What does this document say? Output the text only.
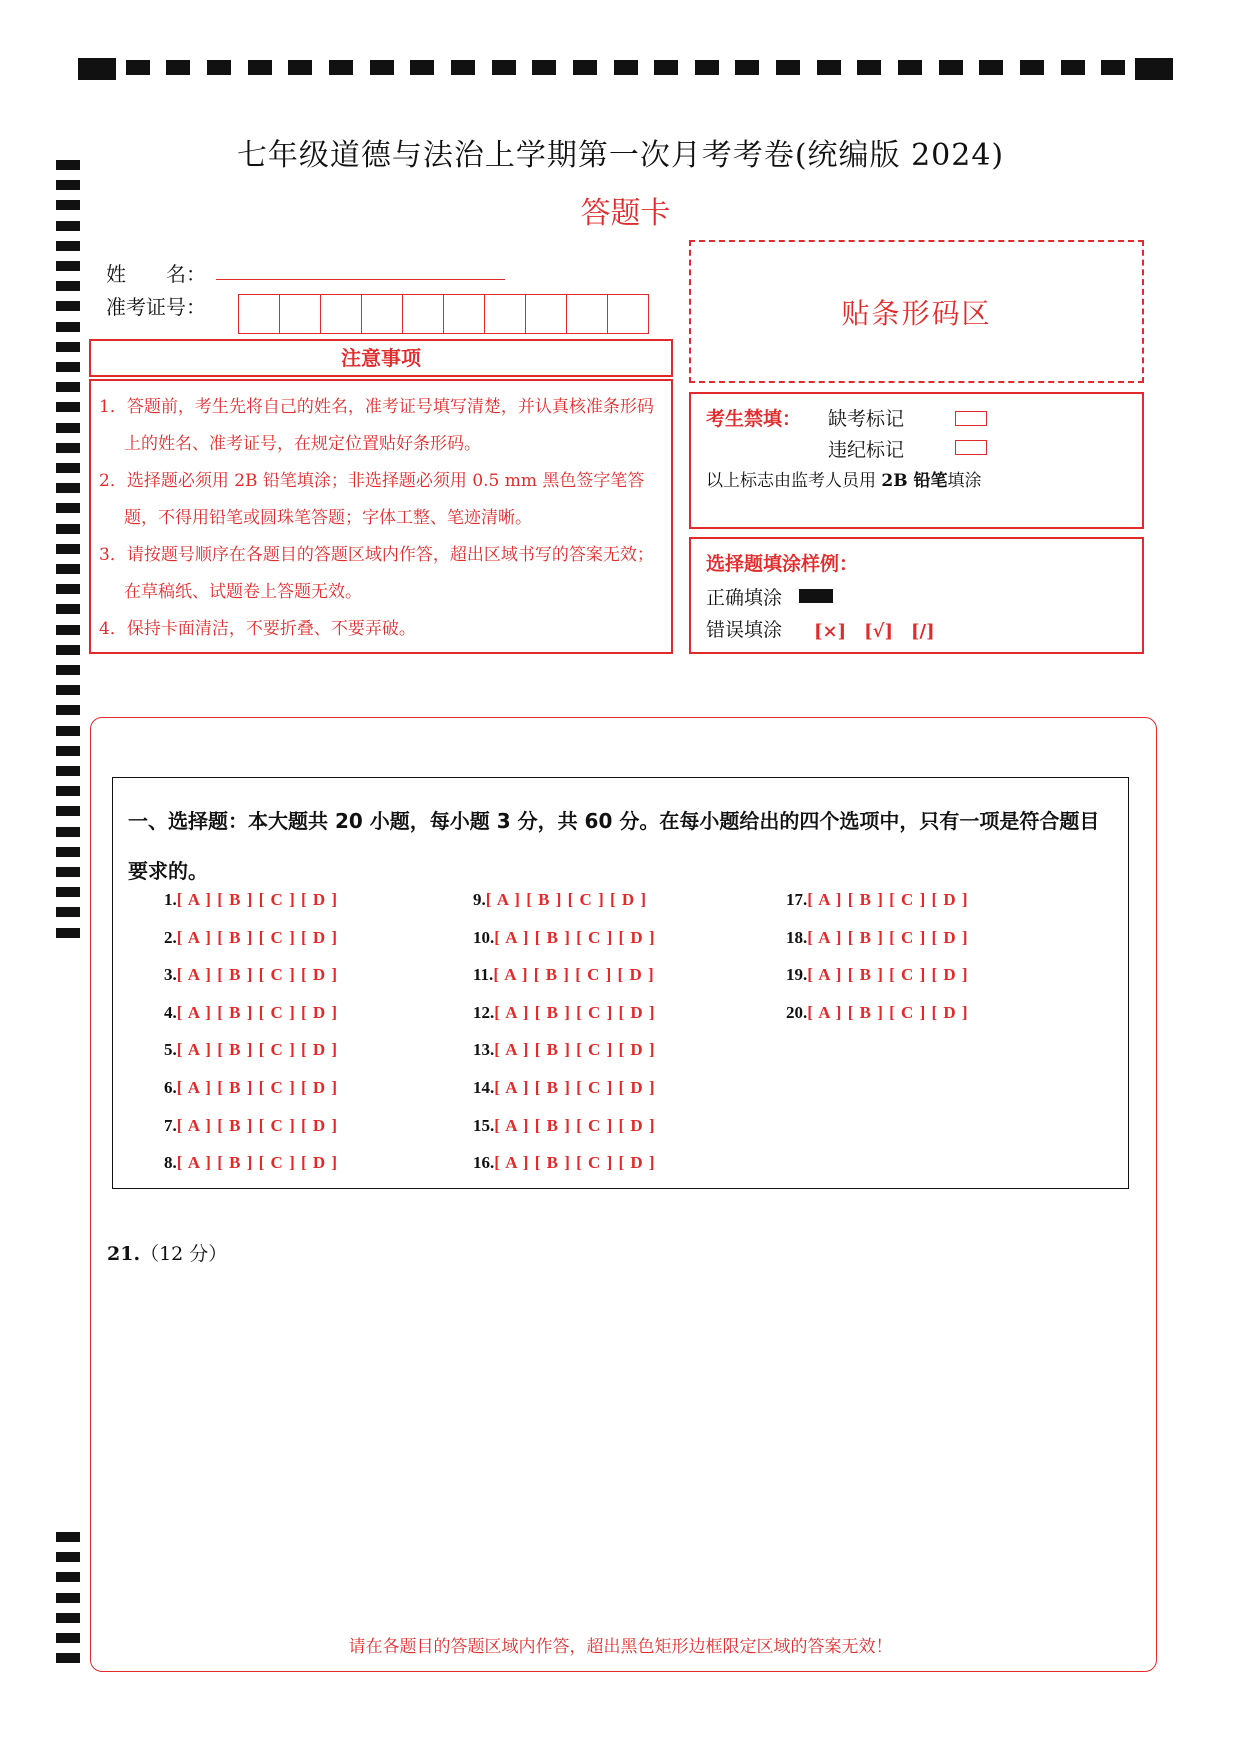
七年级道德与法治上学期第一次月考考卷(统编版 2024)
答题卡
姓　　名：
准考证号：	贴条形码区
注意事项

1．答题前，考生先将自己的姓名，准考证号填写清楚，并认真核准条形码上的姓名、准考证号，在规定位置贴好条形码。

2．选择题必须用 2B 铅笔填涂；非选择题必须用 0.5 mm 黑色签字笔答题，不得用铅笔或圆珠笔答题；字体工整、笔迹清晰。

3．请按题号顺序在各题目的答题区域内作答，超出区域书写的答案无效；在草稿纸、试题卷上答题无效。

4．保持卡面清洁，不要折叠、不要弄破。

考生禁填： 缺考标记
违纪标记
以上标志由监考人员用 2B 铅笔填涂
选择题填涂样例：
正确填涂
错误填涂 [×]　[√]　[/]
一、选择题：本大题共 20 小题，每小题 3 分，共 60 分。在每小题给出的四个选项中，只有一项是符合题目要求的。
1.[ A ] [ B ] [ C ] [ D ]
2.[ A ] [ B ] [ C ] [ D ]
3.[ A ] [ B ] [ C ] [ D ]
4.[ A ] [ B ] [ C ] [ D ]
5.[ A ] [ B ] [ C ] [ D ]
6.[ A ] [ B ] [ C ] [ D ]
7.[ A ] [ B ] [ C ] [ D ]
8.[ A ] [ B ] [ C ] [ D ]
9.[ A ] [ B ] [ C ] [ D ]
10.[ A ] [ B ] [ C ] [ D ]
11.[ A ] [ B ] [ C ] [ D ]
12.[ A ] [ B ] [ C ] [ D ]
13.[ A ] [ B ] [ C ] [ D ]
14.[ A ] [ B ] [ C ] [ D ]
15.[ A ] [ B ] [ C ] [ D ]
16.[ A ] [ B ] [ C ] [ D ]
17.[ A ] [ B ] [ C ] [ D ]
18.[ A ] [ B ] [ C ] [ D ]
19.[ A ] [ B ] [ C ] [ D ]
20.[ A ] [ B ] [ C ] [ D ]
21.（12 分）
请在各题目的答题区域内作答，超出黑色矩形边框限定区域的答案无效！
